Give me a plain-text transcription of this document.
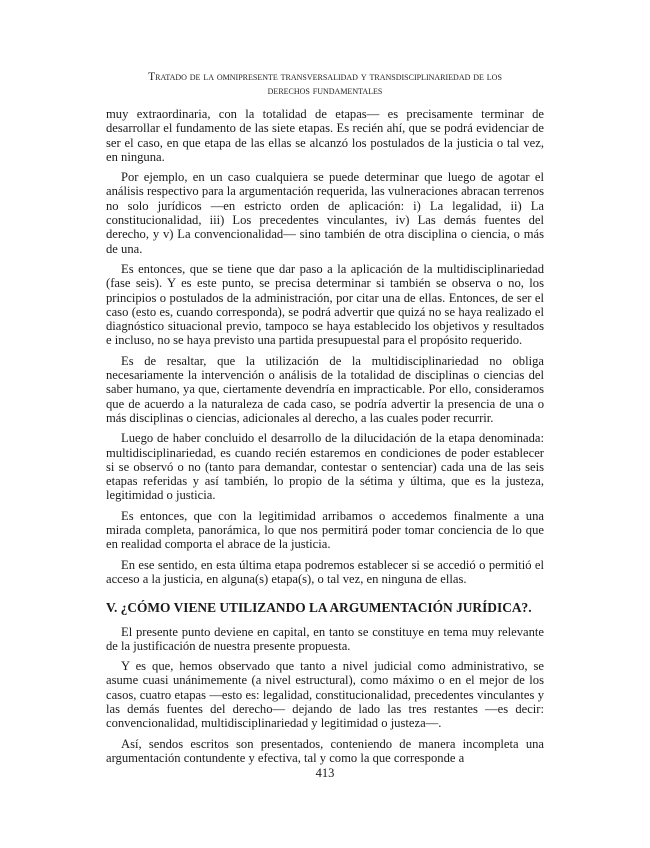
Tratado de la omnipresente transversalidad y transdisciplinariedad de los
derechos fundamentales

muy extraordinaria, con la totalidad de etapas— es precisamente terminar de desarrollar el fundamento de las siete etapas. Es recién ahí, que se podrá evidenciar de ser el caso, en que etapa de las ellas se alcanzó los postulados de la justicia o tal vez, en ninguna.

Por ejemplo, en un caso cualquiera se puede determinar que luego de agotar el análisis respectivo para la argumentación requerida, las vulneraciones abracan terrenos no solo jurídicos —en estricto orden de aplicación: i) La legalidad, ii) La constitucionalidad, iii) Los precedentes vinculantes, iv) Las demás fuentes del derecho, y v) La convencionalidad— sino también de otra disciplina o ciencia, o más de una.

Es entonces, que se tiene que dar paso a la aplicación de la multidisciplinariedad (fase seis). Y es este punto, se precisa determinar si también se observa o no, los principios o postulados de la administración, por citar una de ellas. Entonces, de ser el caso (esto es, cuando corresponda), se podrá advertir que quizá no se haya realizado el diagnóstico situacional previo, tampoco se haya establecido los objetivos y resultados e incluso, no se haya previsto una partida presupuestal para el propósito requerido.

Es de resaltar, que la utilización de la multidisciplinariedad no obliga necesariamente la intervención o análisis de la totalidad de disciplinas o ciencias del saber humano, ya que, ciertamente devendría en impracticable. Por ello, consideramos que de acuerdo a la naturaleza de cada caso, se podría advertir la presencia de una o más disciplinas o ciencias, adicionales al derecho, a las cuales poder recurrir.

Luego de haber concluido el desarrollo de la dilucidación de la etapa denominada: multidisciplinariedad, es cuando recién estaremos en condiciones de poder establecer si se observó o no (tanto para demandar, contestar o sentenciar) cada una de las seis etapas referidas y así también, lo propio de la sétima y última, que es la justeza, legitimidad o justicia.

Es entonces, que con la legitimidad arribamos o accedemos finalmente a una mirada completa, panorámica, lo que nos permitirá poder tomar conciencia de lo que en realidad comporta el abrace de la justicia.

En ese sentido, en esta última etapa podremos establecer si se accedió o permitió el acceso a la justicia, en alguna(s) etapa(s), o tal vez, en ninguna de ellas.

V. ¿CÓMO VIENE UTILIZANDO LA ARGUMENTACIÓN JURÍDICA?.

El presente punto deviene en capital, en tanto se constituye en tema muy relevante de la justificación de nuestra presente propuesta.

Y es que, hemos observado que tanto a nivel judicial como administrativo, se asume cuasi unánimemente (a nivel estructural), como máximo o en el mejor de los casos, cuatro etapas —esto es: legalidad, constitucionalidad, precedentes vinculantes y las demás fuentes del derecho— dejando de lado las tres restantes —es decir: convencionalidad, multidisciplinariedad y legitimidad o justeza—.

Así, sendos escritos son presentados, conteniendo de manera incompleta una argumentación contundente y efectiva, tal y como la que corresponde a

413
